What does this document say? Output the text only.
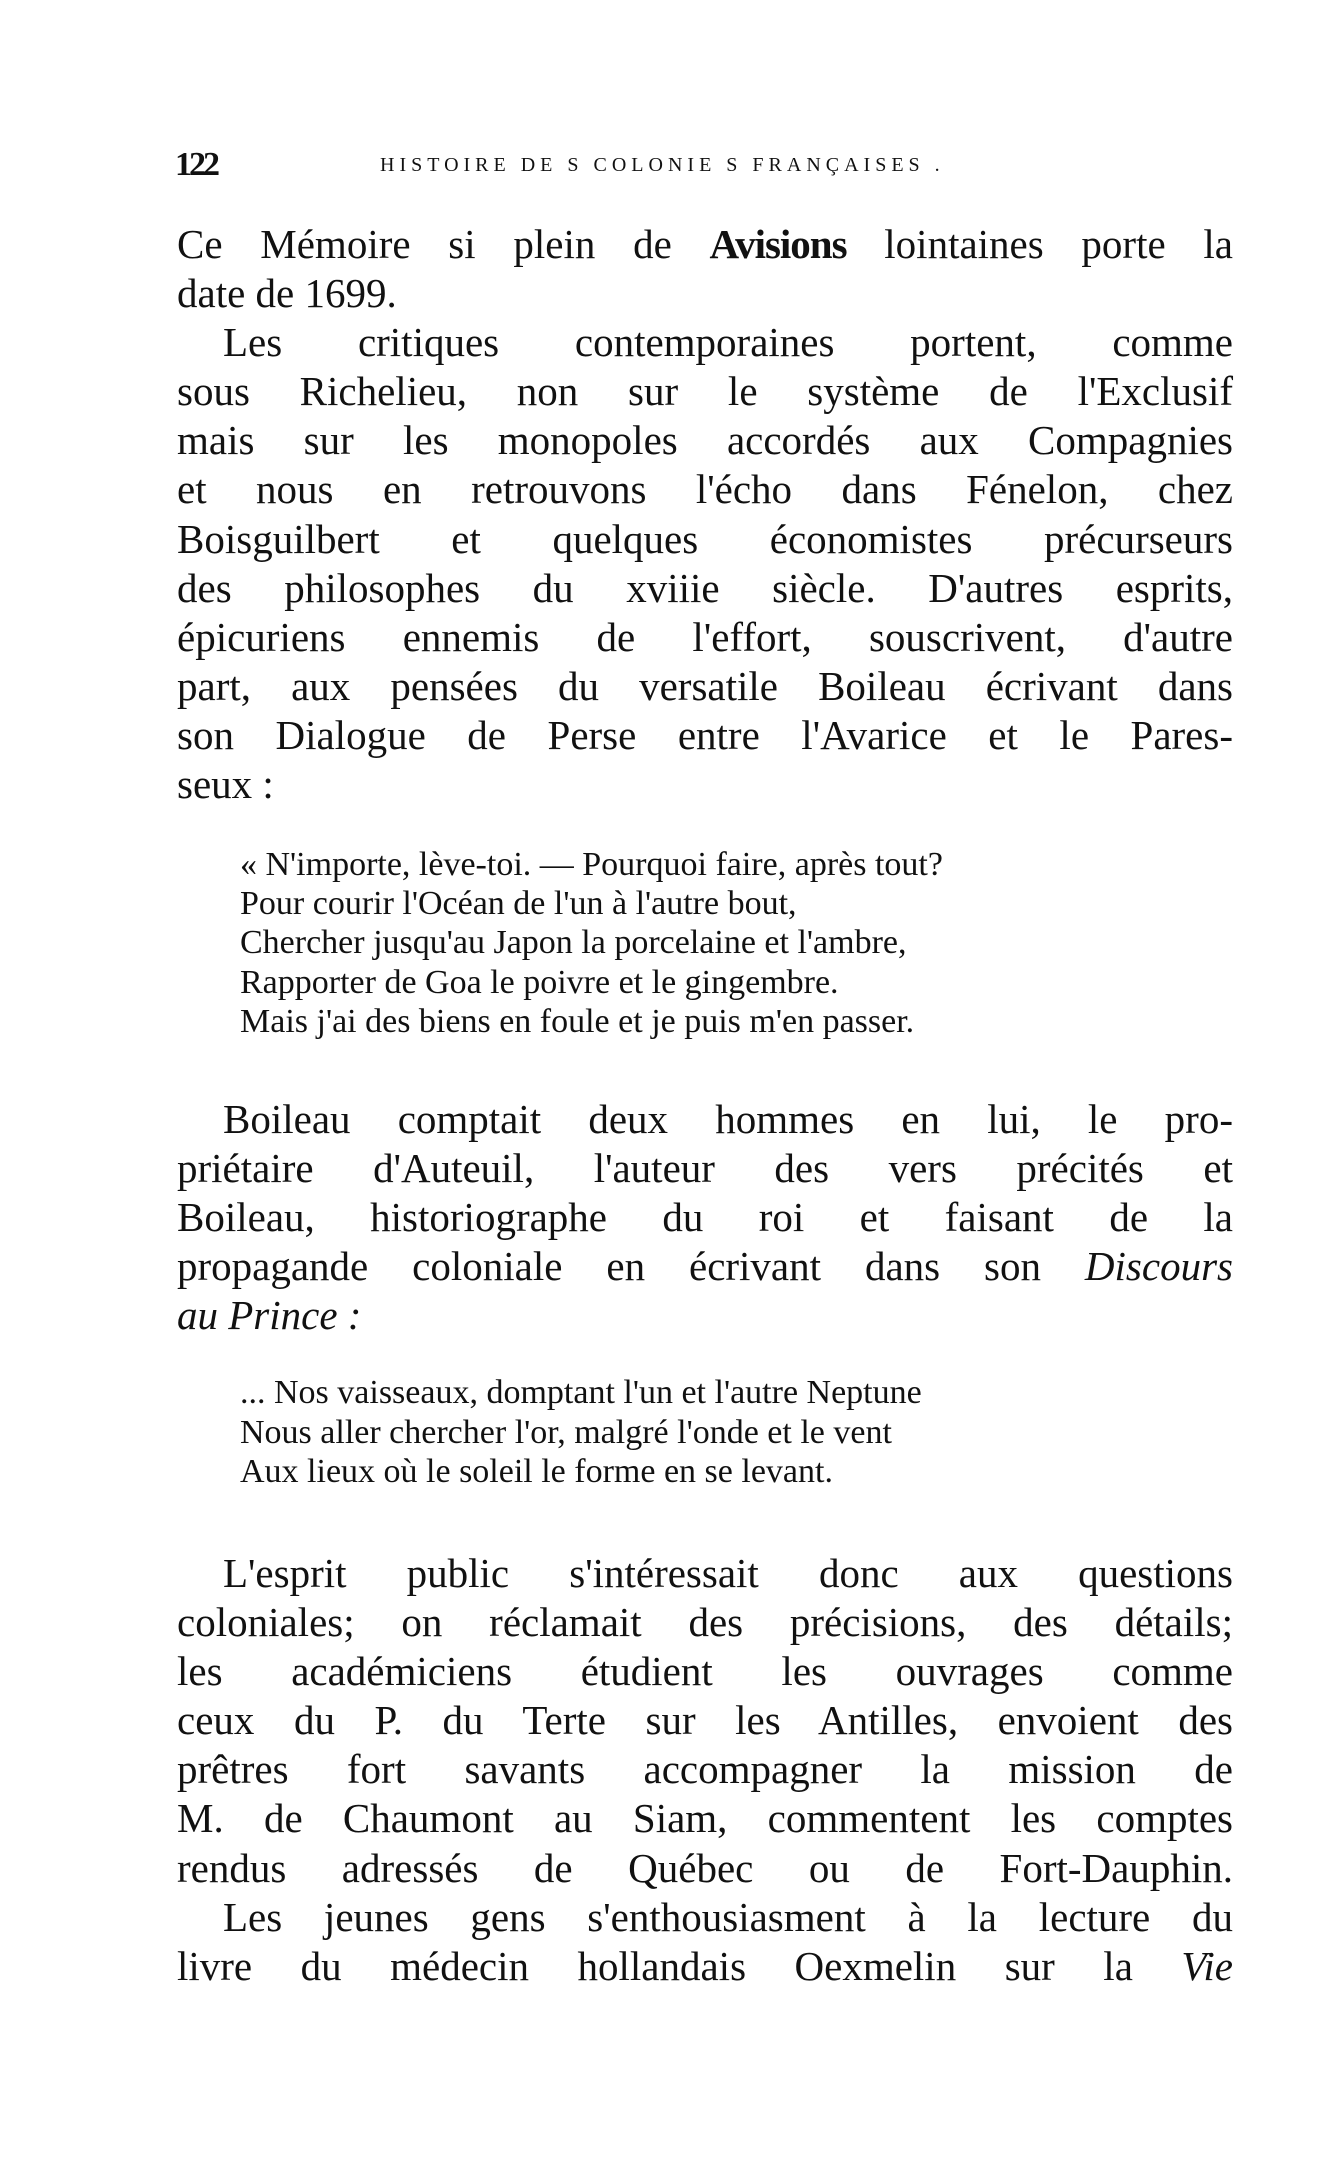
122	HISTOIRE DE S COLONIE S FRANÇAISES .
Ce Mémoire si plein de Avisions lointaines porte la
date de 1699.
Les critiques contemporaines portent, comme
sous Richelieu, non sur le système de l'Exclusif
mais sur les monopoles accordés aux Compagnies
et nous en retrouvons l'écho dans Fénelon, chez
Boisguilbert et quelques économistes précurseurs
des philosophes du xviiie siècle. D'autres esprits,
épicuriens ennemis de l'effort, souscrivent, d'autre
part, aux pensées du versatile Boileau écrivant dans
son Dialogue de Perse entre l'Avarice et le Pares-
seux :
« N'importe, lève-toi. — Pourquoi faire, après tout?
Pour courir l'Océan de l'un à l'autre bout,
Chercher jusqu'au Japon la porcelaine et l'ambre,
Rapporter de Goa le poivre et le gingembre.
Mais j'ai des biens en foule et je puis m'en passer.
Boileau comptait deux hommes en lui, le pro-
priétaire d'Auteuil, l'auteur des vers précités et
Boileau, historiographe du roi et faisant de la
propagande coloniale en écrivant dans son Discours
au Prince :
... Nos vaisseaux, domptant l'un et l'autre Neptune
Nous aller chercher l'or, malgré l'onde et le vent
Aux lieux où le soleil le forme en se levant.
L'esprit public s'intéressait donc aux questions
coloniales; on réclamait des précisions, des détails;
les académiciens étudient les ouvrages comme
ceux du P. du Terte sur les Antilles, envoient des
prêtres fort savants accompagner la mission de
M. de Chaumont au Siam, commentent les comptes
rendus adressés de Québec ou de Fort-Dauphin.
Les jeunes gens s'enthousiasment à la lecture du
livre du médecin hollandais Oexmelin sur la Vie
